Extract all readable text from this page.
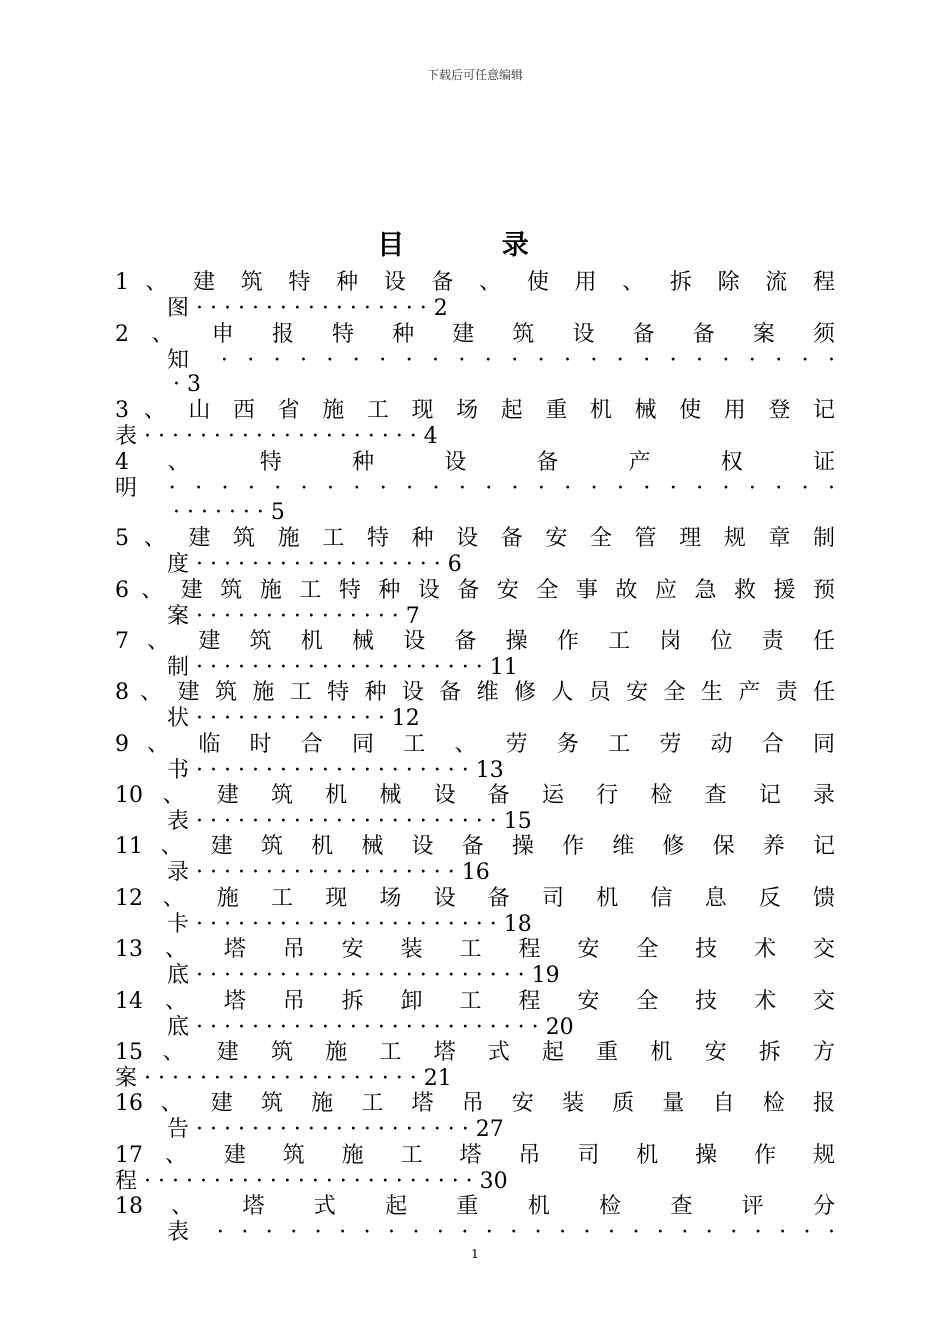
下载后可任意编辑
目 录
1 、 建 筑 特 种 设 备 、 使 用 、 拆 除 流 程
图 · · · · · · · · · · · · · · · · · 2
2 、 申 报 特 种 建 筑 设 备 备 案 须
知 · · · · · · · · · · · · · · · · · · · · · · · ·
· 3
3 、 山 西 省 施 工 现 场 起 重 机 械 使 用 登 记
表 · · · · · · · · · · · · · · · · · · · · 4
4 、 特 种 设 备 产 权 证
明 · · · · · · · · · · · · · · · · · · · · · · · · · ·
· · · · · · · 5
5 、 建 筑 施 工 特 种 设 备 安 全 管 理 规 章 制
度 · · · · · · · · · · · · · · · · · · 6
6 、 建 筑 施 工 特 种 设 备 安 全 事 故 应 急 救 援 预
案 · · · · · · · · · · · · · · · 7
7 、 建 筑 机 械 设 备 操 作 工 岗 位 责 任
制 · · · · · · · · · · · · · · · · · · · · · 11
8 、 建 筑 施 工 特 种 设 备 维 修 人 员 安 全 生 产 责 任
状 · · · · · · · · · · · · · · 12
9 、 临 时 合 同 工 、 劳 务 工 劳 动 合 同
书 · · · · · · · · · · · · · · · · · · · · 13
10 、 建 筑 机 械 设 备 运 行 检 查 记 录
表 · · · · · · · · · · · · · · · · · · · · · · 15
11 、 建 筑 机 械 设 备 操 作 维 修 保 养 记
录 · · · · · · · · · · · · · · · · · · · 16
12 、 施 工 现 场 设 备 司 机 信 息 反 馈
卡 · · · · · · · · · · · · · · · · · · · · · · 18
13 、 塔 吊 安 装 工 程 安 全 技 术 交
底 · · · · · · · · · · · · · · · · · · · · · · · · 19
14 、 塔 吊 拆 卸 工 程 安 全 技 术 交
底 · · · · · · · · · · · · · · · · · · · · · · · · · 20
15 、 建 筑 施 工 塔 式 起 重 机 安 拆 方
案 · · · · · · · · · · · · · · · · · · · · 21
16 、 建 筑 施 工 塔 吊 安 装 质 量 自 检 报
告 · · · · · · · · · · · · · · · · · · · · 27
17 、 建 筑 施 工 塔 吊 司 机 操 作 规
程 · · · · · · · · · · · · · · · · · · · · · · · · 30
18 、 塔 式 起 重 机 检 查 评 分
表 · · · · · · · · · · · · · · · · · · · · · · · · · ·
1
